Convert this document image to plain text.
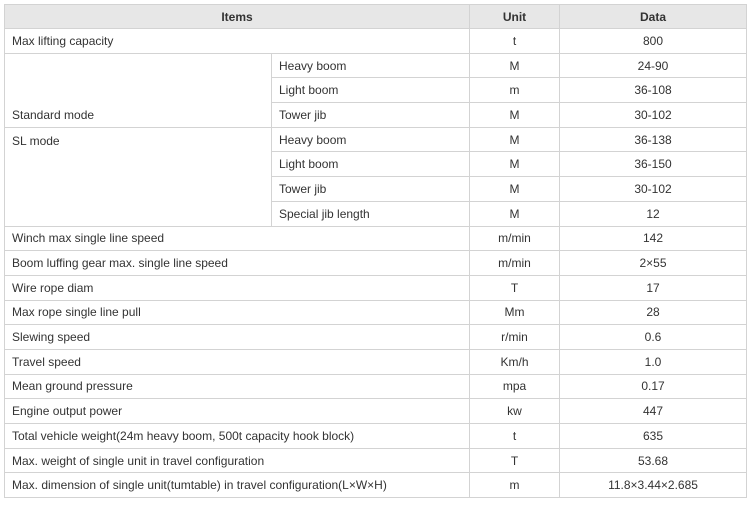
Items		Unit	Data
Max lifting capacity		t	800
Standard mode	Heavy boom	M	24-90
	Light boom	m	36-108
	Tower jib	M	30-102
SL mode	Heavy boom	M	36-138
	Light boom	M	36-150
	Tower jib	M	30-102
	Special jib length	M	12
Winch max single line speed		m/min	142
Boom luffing gear max. single line speed		m/min	2×55
Wire rope diam		T	17
Max rope single line pull		Mm	28
Slewing speed		r/min	0.6
Travel speed		Km/h	1.0
Mean ground pressure		mpa	0.17
Engine output power		kw	447
Total vehicle weight(24m heavy boom, 500t capacity hook block)		t	635
Max. weight of single unit in travel configuration		T	53.68
Max. dimension of single unit(tumtable) in travel configuration(L×W×H)		m	11.8×3.44×2.685
